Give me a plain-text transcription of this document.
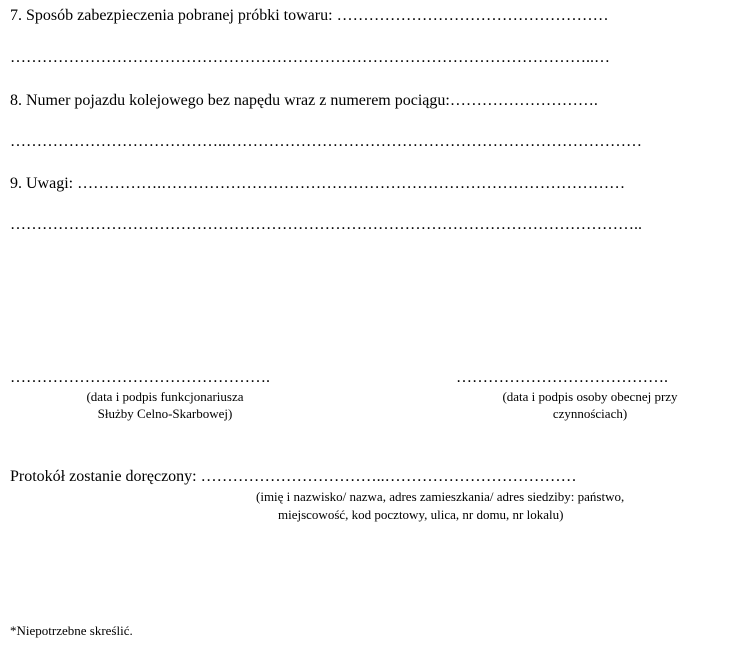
7. Sposób zabezpieczenia pobranej próbki towaru: ……………………………………………
………………………………………………………………………………………………..…
8. Numer pojazdu kolejowego bez napędu wraz z numerem pociągu:……………………….
…………………………………..……………………………………………………………………
9. Uwagi: …………….……………………………………………………………………………
………………………………………………………………………………………………………..
………………………………………….
(data i podpis funkcjonariusza
Służby Celno-Skarbowej)
………………………………….
(data i podpis osoby obecnej przy
czynnościach)
Protokół zostanie doręczony: ……………………………..………………………………
(imię i nazwisko/ nazwa, adres zamieszkania/ adres siedziby: państwo,
miejscowość, kod pocztowy, ulica, nr domu, nr lokalu)
*Niepotrzebne skreślić.
